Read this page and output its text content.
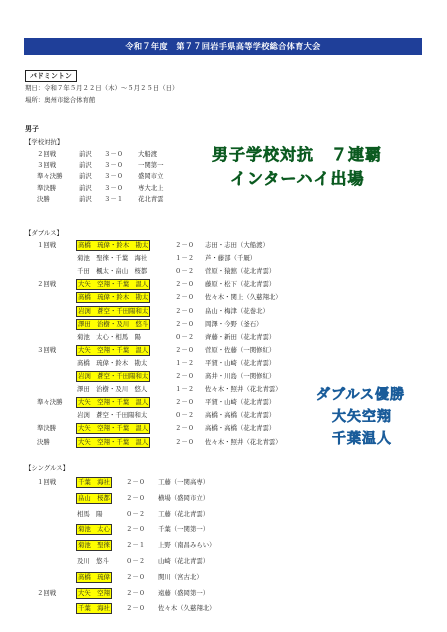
令和７年度　第７７回岩手県高等学校総合体育大会
バドミントン
期日：令和７年５月２２日（木）～５月２５日（日）
場所：奥州市総合体育館
男子
【学校対抗】
２回戦	前沢 ３－０ 大船渡
３回戦	前沢 ３－０ 一関第一
準々決勝	前沢 ３－０ 盛岡市立
準決勝	前沢 ３－０ 専大北上
決勝	前沢 ３－１ 花北青雲
【ダブルス】
１回戦	髙橋　琉偉・鈴木　勘太	２－０ 志田・志田（大船渡）
菊池　聖徠・千葉　海社	１－２ 芦・藤部（千厩）
千田　楓太・畠山　桜都	０－２ 菅原・猿舘（花北青雲）
２回戦	大矢　空翔・千葉　温人	２－０ 藤原・松下（花北青雲）
髙橋　琉偉・鈴木　勘太	２－０ 佐々木・関上（久慈翔北）
岩渕　蒼空・千田陽和太	２－０ 畠山・梅津（花巻北）
澤田　治樹・及川　悠斗	２－０ 岡澤・今野（釜石）
菊池　太心・相馬　陽	０－２ 齊藤・新田（花北青雲）
３回戦	大矢　空翔・千葉　温人	２－０ 菅原・佐藤（一関修紅）
髙橋　琉偉・鈴木　勘太	１－２ 平賀・山崎（花北青雲）
岩渕　蒼空・千田陽和太	２－０ 髙井・川島（一関修紅）
澤田　治樹・及川　悠人	１－２ 佐々木・照井（花北青雲）
準々決勝 大矢　空翔・千葉　温人	２－０ 平賀・山崎（花北青雲）
岩渕　蒼空・千田陽和太	０－２ 高橋・高橋（花北青雲）
準決勝	大矢　空翔・千葉　温人	２－０ 高橋・高橋（花北青雲）
決勝	大矢　空翔・千葉　温人	２－０ 佐々木・照井（花北青雲）
【シングルス】
１回戦	千葉　海社	２－０ 工藤（一関高専）
畠山　桜都	２－０ 横場（盛岡市立）
相馬　陽	０－２ 工藤（花北青雲）
菊池　太心	２－０ 千葉（一関第一）
菊池　聖徠	２－１ 上野（南昌みらい）
及川　悠斗	０－２ 山崎（花北青雲）
髙橋　琉偉	２－０ 関川（宮古北）
２回戦	大矢　空翔	２－０ 遠藤（盛岡第一）
千葉　海社	２－０ 佐々木（久慈翔北）
男子学校対抗　７連覇
インターハイ出場
ダブルス優勝
大矢空翔
千葉温人
